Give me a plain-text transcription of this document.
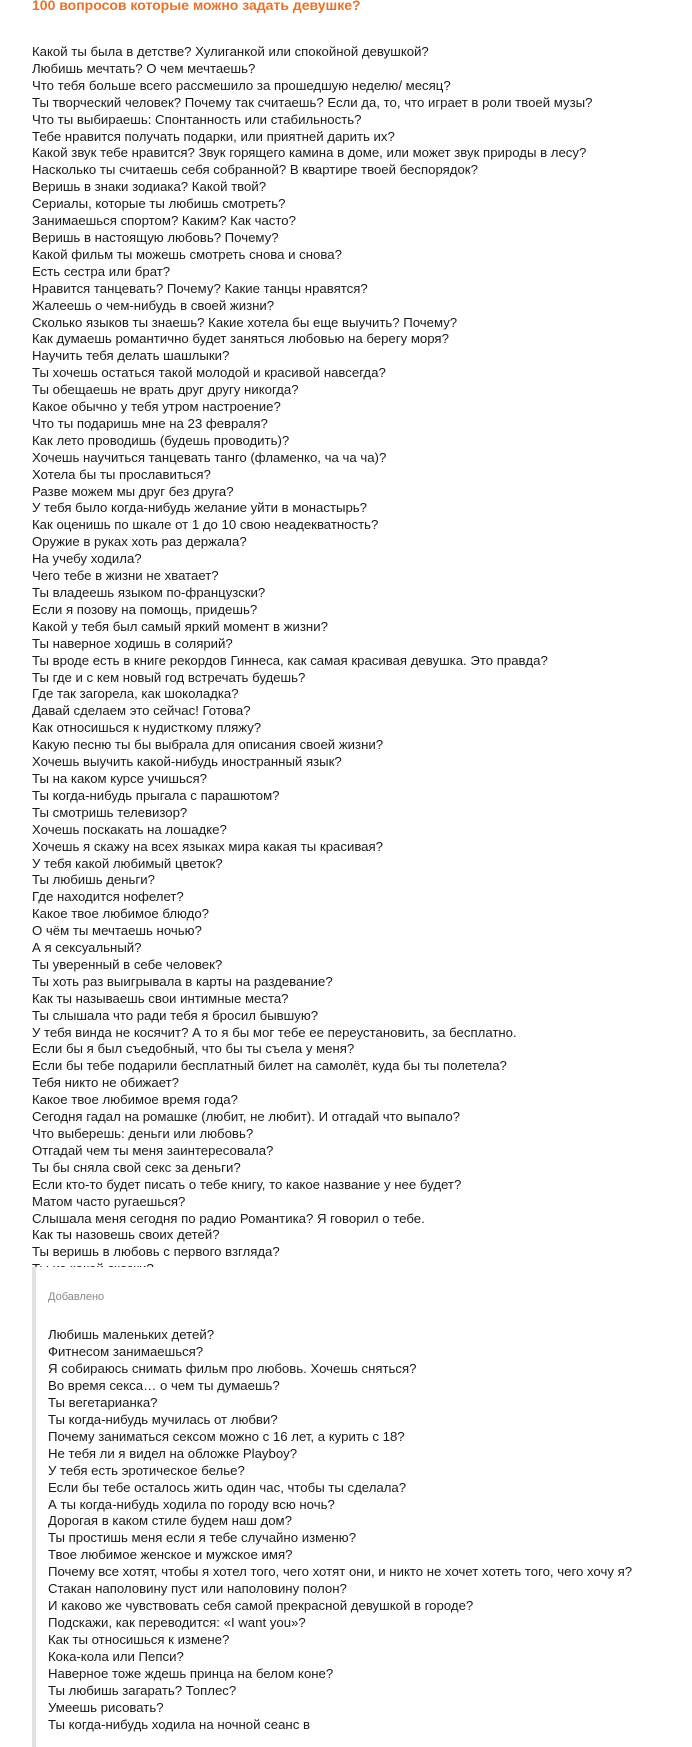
100 вопросов которые можно задать девушке?
Какой ты была в детстве? Хулиганкой или спокойной девушкой?
Любишь мечтать? О чем мечтаешь?
Что тебя больше всего рассмешило за прошедшую неделю/ месяц?
Ты творческий человек? Почему так считаешь? Если да, то, что играет в роли твоей музы?
Что ты выбираешь: Спонтанность или стабильность?
Тебе нравится получать подарки, или приятней дарить их?
Какой звук тебе нравится? Звук горящего камина в доме, или может звук природы в лесу?
Насколько ты считаешь себя собранной? В квартире твоей беспорядок?
Веришь в знаки зодиака? Какой твой?
Сериалы, которые ты любишь смотреть?
Занимаешься спортом? Каким? Как часто?
Веришь в настоящую любовь? Почему?
Какой фильм ты можешь смотреть снова и снова?
Есть сестра или брат?
Нравится танцевать? Почему? Какие танцы нравятся?
Жалеешь о чем-нибудь в своей жизни?
Сколько языков ты знаешь? Какие хотела бы еще выучить? Почему?
Как думаешь романтично будет заняться любовью на берегу моря?
Научить тебя делать шашлыки?
Ты хочешь остаться такой молодой и красивой навсегда?
Ты обещаешь не врать друг другу никогда?
Какое обычно у тебя утром настроение?
Что ты подаришь мне на 23 февраля?
Как лето проводишь (будешь проводить)?
Хочешь научиться танцевать танго (фламенко, ча ча ча)?
Хотела бы ты прославиться?
Разве можем мы друг без друга?
У тебя было когда-нибудь желание уйти в монастырь?
Как оценишь по шкале от 1 до 10 свою неадекватность?
Оружие в руках хоть раз держала?
На учебу ходила?
Чего тебе в жизни не хватает?
Ты владеешь языком по-французски?
Если я позову на помощь, придешь?
Какой у тебя был самый яркий момент в жизни?
Ты наверное ходишь в солярий?
Ты вроде есть в книге рекордов Гиннеса, как самая красивая девушка. Это правда?
Ты где и с кем новый год встречать будешь?
Где так загорела, как шоколадка?
Давай сделаем это сейчас! Готова?
Как относишься к нудисткому пляжу?
Какую песню ты бы выбрала для описания своей жизни?
Хочешь выучить какой-нибудь иностранный язык?
Ты на каком курсе учишься?
Ты когда-нибудь прыгала с парашютом?
Ты смотришь телевизор?
Хочешь поскакать на лошадке?
Хочешь я скажу на всех языках мира какая ты красивая?
У тебя какой любимый цветок?
Ты любишь деньги?
Где находится нофелет?
Какое твое любимое блюдо?
О чём ты мечтаешь ночью?
А я сексуальный?
Ты уверенный в себе человек?
Ты хоть раз выигрывала в карты на раздевание?
Как ты называешь свои интимные места?
Ты слышала что ради тебя я бросил бывшую?
У тебя винда не косячит? А то я бы мог тебе ее переустановить, за бесплатно.
Если бы я был съедобный, что бы ты съела у меня?
Если бы тебе подарили бесплатный билет на самолёт, куда бы ты полетела?
Тебя никто не обижает?
Какое твое любимое время года?
Сегодня гадал на ромашке (любит, не любит). И отгадай что выпало?
Что выберешь: деньги или любовь?
Отгадай чем ты меня заинтересовала?
Ты бы сняла свой секс за деньги?
Если кто-то будет писать о тебе книгу, то какое название у нее будет?
Матом часто ругаешься?
Слышала меня сегодня по радио Романтика? Я говорил о тебе.
Как ты назовешь своих детей?
Ты веришь в любовь с первого взгляда?
Добавлено
Любишь маленьких детей?
Фитнесом занимаешься?
Я собираюсь снимать фильм про любовь. Хочешь сняться?
Во время секса… о чем ты думаешь?
Ты вегетарианка?
Ты когда-нибудь мучилась от любви?
Почему заниматься сексом можно с 16 лет, а курить с 18?
Не тебя ли я видел на обложке Playboy?
У тебя есть эротическое белье?
Если бы тебе осталось жить один час, чтобы ты сделала?
А ты когда-нибудь ходила по городу всю ночь?
Дорогая в каком стиле будем наш дом?
Ты простишь меня если я тебе случайно изменю?
Твое любимое женское и мужское имя?
Почему все хотят, чтобы я хотел того, чего хотят они, и никто не хочет хотеть того, чего хочу я?
Стакан наполовину пуст или наполовину полон?
И каково же чувствовать себя самой прекрасной девушкой в городе?
Подскажи, как переводится: «I want you»?
Как ты относишься к измене?
Кока-кола или Пепси?
Наверное тоже ждешь принца на белом коне?
Ты любишь загарать? Топлес?
Умеешь рисовать?
Ты когда-нибудь ходила на ночной сеанс в
